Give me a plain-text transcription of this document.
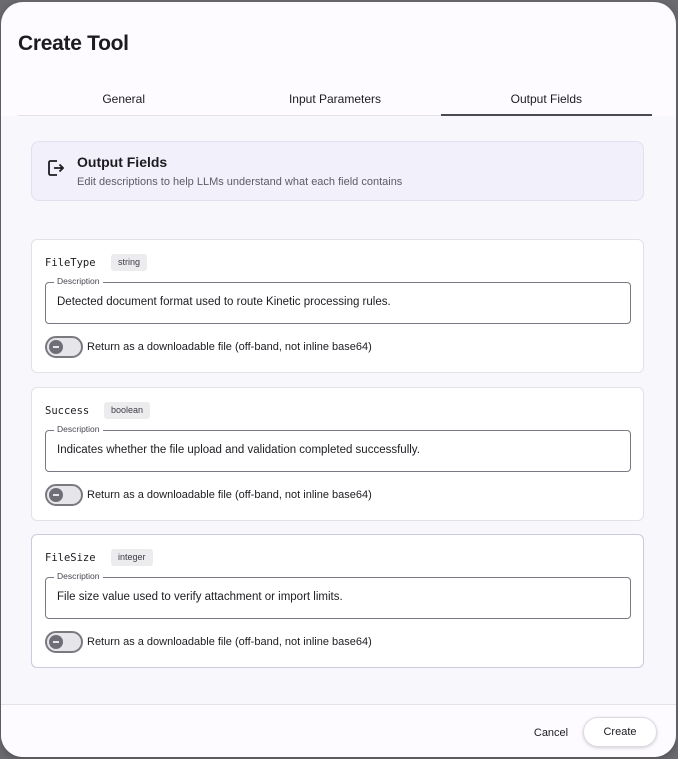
Create Tool
General	Input Parameters	Output Fields
Output Fields
Edit descriptions to help LLMs understand what each field contains
FileType	string
Description
Detected document format used to route Kinetic processing rules.
Return as a downloadable file (off-band, not inline base64)
Success	boolean
Description
Indicates whether the file upload and validation completed successfully.
Return as a downloadable file (off-band, not inline base64)
FileSize	integer
Description
File size value used to verify attachment or import limits.
Return as a downloadable file (off-band, not inline base64)
Cancel	Create
